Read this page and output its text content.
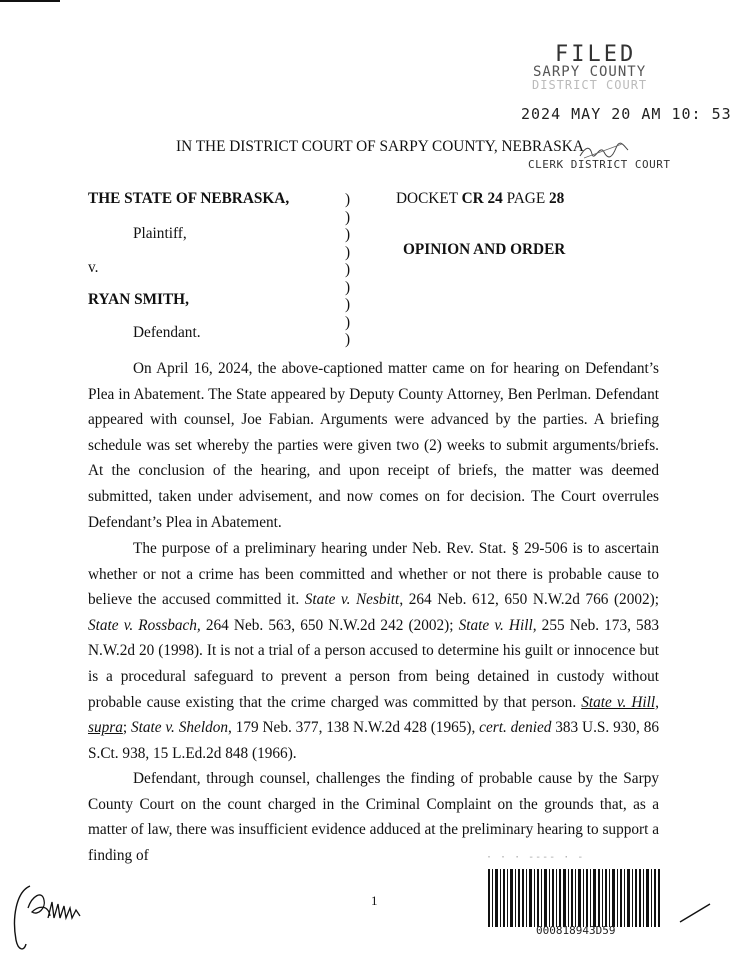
FILED
SARPY COUNTY
DISTRICT COURT
2024 MAY 20 AM 10: 53
CLERK DISTRICT COURT
IN THE DISTRICT COURT OF SARPY COUNTY, NEBRASKA
THE STATE OF NEBRASKA,
Plaintiff,
v.
RYAN SMITH,
Defendant.
)
)
)
)
)
)
)
)
)
DOCKET CR 24 PAGE 28
OPINION AND ORDER

On April 16, 2024, the above-captioned matter came on for hearing on Defendant’s Plea in Abatement. The State appeared by Deputy County Attorney, Ben Perlman. Defendant appeared with counsel, Joe Fabian. Arguments were advanced by the parties. A briefing schedule was set whereby the parties were given two (2) weeks to submit arguments/briefs. At the conclusion of the hearing, and upon receipt of briefs, the matter was deemed submitted, taken under advisement, and now comes on for decision. The Court overrules Defendant’s Plea in Abatement.

The purpose of a preliminary hearing under Neb. Rev. Stat. § 29-506 is to ascertain whether or not a crime has been committed and whether or not there is probable cause to believe the accused committed it. State v. Nesbitt, 264 Neb. 612, 650 N.W.2d 766 (2002); State v. Rossbach, 264 Neb. 563, 650 N.W.2d 242 (2002); State v. Hill, 255 Neb. 173, 583 N.W.2d 20 (1998). It is not a trial of a person accused to determine his guilt or innocence but is a procedural safeguard to prevent a person from being detained in custody without probable cause existing that the crime charged was committed by that person. State v. Hill, supra; State v. Sheldon, 179 Neb. 377, 138 N.W.2d 428 (1965), cert. denied 383 U.S. 930, 86 S.Ct. 938, 15 L.Ed.2d 848 (1966).

Defendant, through counsel, challenges the finding of probable cause by the Sarpy County Court on the count charged in the Criminal Complaint on the grounds that, as a matter of law, there was insufficient evidence adduced at the preliminary hearing to support a finding of

1
· · · ---- · -
000818943D59
